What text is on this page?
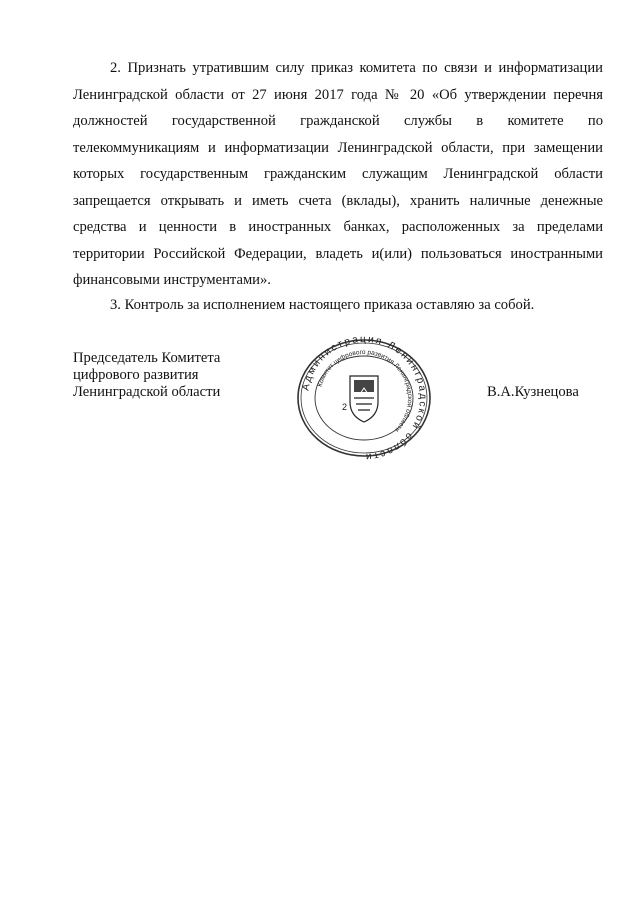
2. Признать утратившим силу приказ комитета по связи и информатизации Ленинградской области от 27 июня 2017 года № 20 «Об утверждении перечня должностей государственной гражданской службы в комитете по телекоммуникациям и информатизации Ленинградской области, при замещении которых государственным гражданским служащим Ленинградской области запрещается открывать и иметь счета (вклады), хранить наличные денежные средства и ценности в иностранных банках, расположенных за пределами территории Российской Федерации, владеть и(или) пользоваться иностранными финансовыми инструментами».

3. Контроль за исполнением настоящего приказа оставляю за собой.

Председатель Комитета
цифрового развития
Ленинградской области	Администрация Ленинградской области
Комитет цифрового развития Ленинградской области
2
В.А.Кузнецова
